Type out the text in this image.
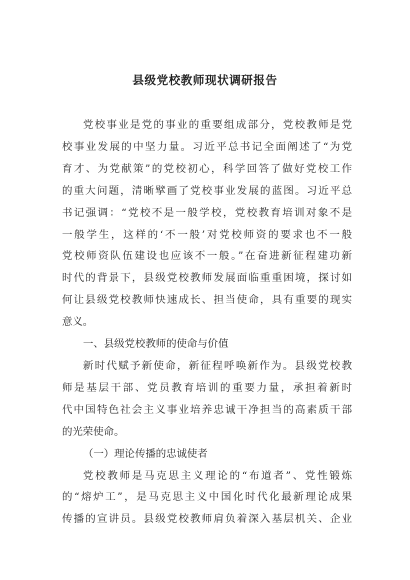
县级党校教师现状调研报告
党校事业是党的事业的重要组成部分，党校教师是党
校事业发展的中坚力量。习近平总书记全面阐述了“为党
育才、为党献策”的党校初心，科学回答了做好党校工作
的重大问题，清晰擘画了党校事业发展的蓝图。习近平总
书记强调：“党校不是一般学校，党校教育培训对象不是
一般学生，这样的‘不一般’对党校师资的要求也不一般
党校师资队伍建设也应该不一般。”在奋进新征程建功新
时代的背景下，县级党校教师发展面临重重困境，探讨如
何让县级党校教师快速成长、担当使命，具有重要的现实
意义。
一、县级党校教师的使命与价值
新时代赋予新使命，新征程呼唤新作为。县级党校教
师是基层干部、党员教育培训的重要力量，承担着新时
代中国特色社会主义事业培养忠诚干净担当的高素质干部
的光荣使命。
（一）理论传播的忠诚使者
党校教师是马克思主义理论的“布道者”、党性锻炼
的“熔炉工”，是马克思主义中国化时代化最新理论成果
传播的宣讲员。县级党校教师肩负着深入基层机关、企业
